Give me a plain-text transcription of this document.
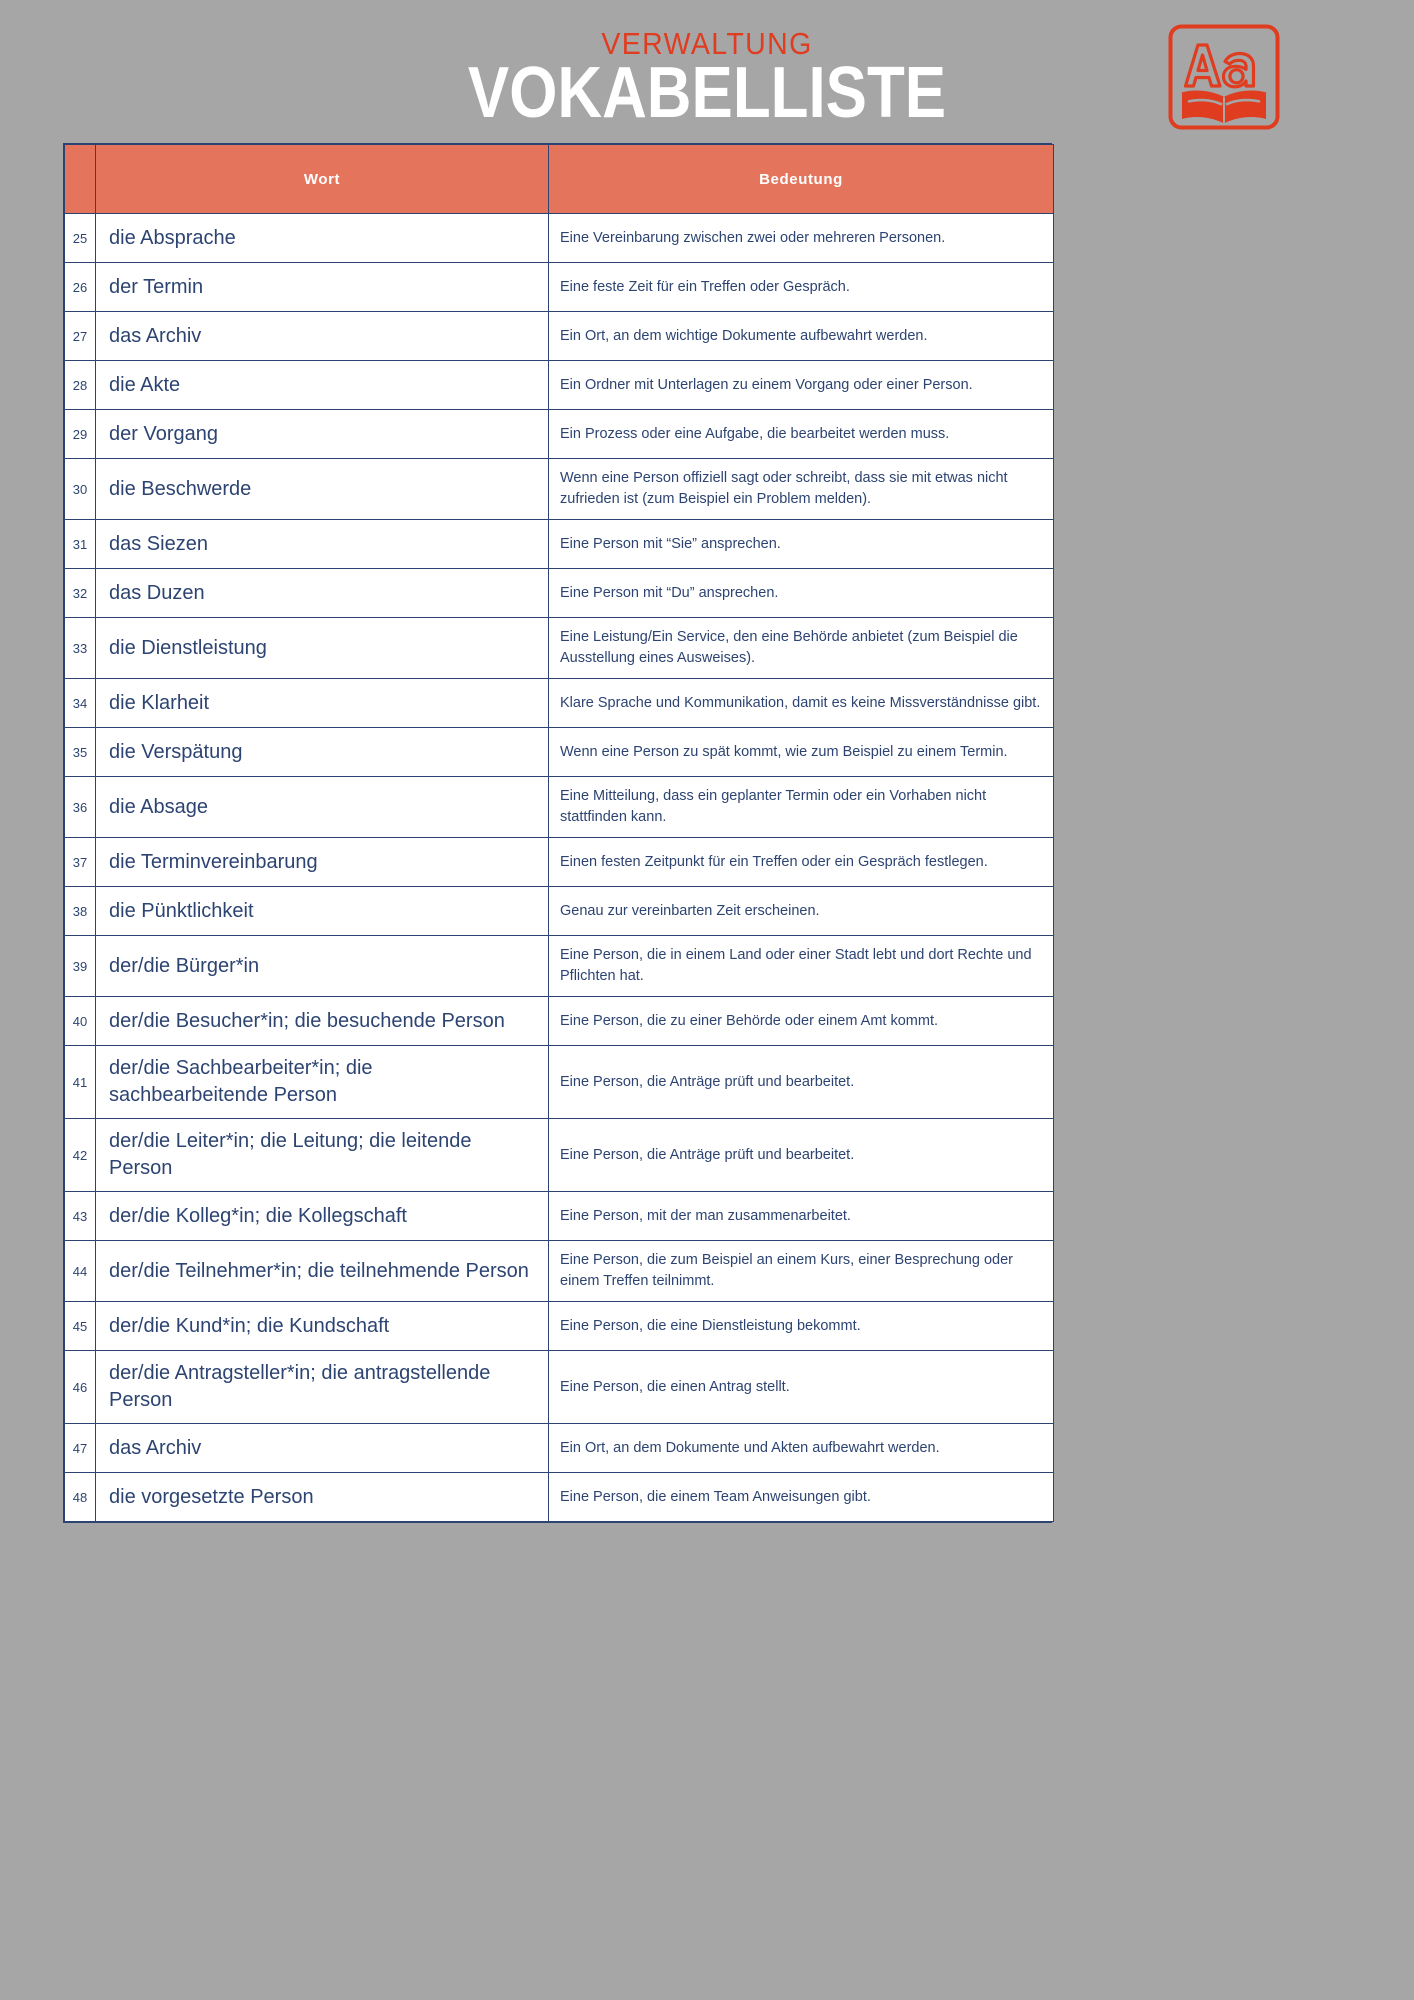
VERWALTUNG
VOKABELLISTE
	Wort	Bedeutung
25	die Absprache	Eine Vereinbarung zwischen zwei oder mehreren Personen.
26	der Termin	Eine feste Zeit für ein Treffen oder Gespräch.
27	das Archiv	Ein Ort, an dem wichtige Dokumente aufbewahrt werden.
28	die Akte	Ein Ordner mit Unterlagen zu einem Vorgang oder einer Person.
29	der Vorgang	Ein Prozess oder eine Aufgabe, die bearbeitet werden muss.
30	die Beschwerde	Wenn eine Person offiziell sagt oder schreibt, dass sie mit etwas nicht zufrieden ist (zum Beispiel ein Problem melden).
31	das Siezen	Eine Person mit “Sie” ansprechen.
32	das Duzen	Eine Person mit “Du” ansprechen.
33	die Dienstleistung	Eine Leistung/Ein Service, den eine Behörde anbietet (zum Beispiel die Ausstellung eines Ausweises).
34	die Klarheit	Klare Sprache und Kommunikation, damit es keine Missverständnisse gibt.
35	die Verspätung	Wenn eine Person zu spät kommt, wie zum Beispiel zu einem Termin.
36	die Absage	Eine Mitteilung, dass ein geplanter Termin oder ein Vorhaben nicht stattfinden kann.
37	die Terminvereinbarung	Einen festen Zeitpunkt für ein Treffen oder ein Gespräch festlegen.
38	die Pünktlichkeit	Genau zur vereinbarten Zeit erscheinen.
39	der/die Bürger*in	Eine Person, die in einem Land oder einer Stadt lebt und dort Rechte und Pflichten hat.
40	der/die Besucher*in; die besuchende Person	Eine Person, die zu einer Behörde oder einem Amt kommt.
41	der/die Sachbearbeiter*in; die sachbearbeitende Person	Eine Person, die Anträge prüft und bearbeitet.
42	der/die Leiter*in; die Leitung; die leitende Person	Eine Person, die Anträge prüft und bearbeitet.
43	der/die Kolleg*in; die Kollegschaft	Eine Person, mit der man zusammenarbeitet.
44	der/die Teilnehmer*in; die teilnehmende Person	Eine Person, die zum Beispiel an einem Kurs, einer Besprechung oder einem Treffen teilnimmt.
45	der/die Kund*in; die Kundschaft	Eine Person, die eine Dienstleistung bekommt.
46	der/die Antragsteller*in; die antragstellende Person	Eine Person, die einen Antrag stellt.
47	das Archiv	Ein Ort, an dem Dokumente und Akten aufbewahrt werden.
48	die vorgesetzte Person	Eine Person, die einem Team Anweisungen gibt.
